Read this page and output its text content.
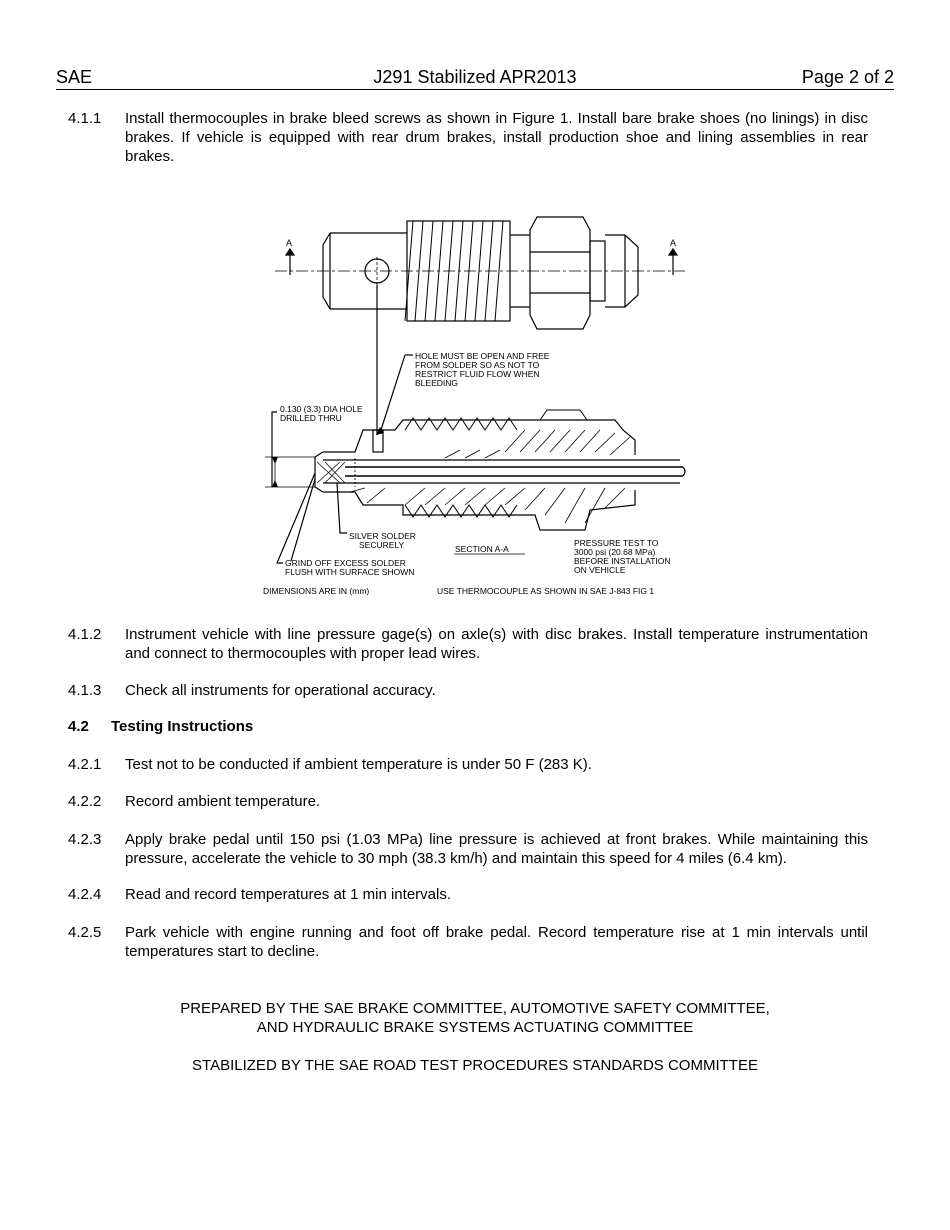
SAE	J291 Stabilized APR2013	Page 2 of 2
4.1.1 Install thermocouples in brake bleed screws as shown in Figure 1. Install bare brake shoes (no linings) in disc brakes. If vehicle is equipped with rear drum brakes, install production shoe and lining assemblies in rear brakes.
HOLE MUST BE OPEN AND FREE
FROM SOLDER SO AS NOT TO
RESTRICT FLUID FLOW WHEN
BLEEDING
0.130 (3.3) DIA HOLE
DRILLED THRU
SILVER SOLDER
SECURELY
GRIND OFF EXCESS SOLDER
FLUSH WITH SURFACE SHOWN
SECTION A-A
PRESSURE TEST TO
3000 psi (20.68 MPa)
BEFORE INSTALLATION
ON VEHICLE
DIMENSIONS ARE IN (mm)	USE THERMOCOUPLE AS SHOWN IN SAE J-843 FIG 1
A	A
4.1.2 Instrument vehicle with line pressure gage(s) on axle(s) with disc brakes. Install temperature instrumentation and connect to thermocouples with proper lead wires.
4.1.3 Check all instruments for operational accuracy.
4.2 Testing Instructions
4.2.1 Test not to be conducted if ambient temperature is under 50 F (283 K).
4.2.2 Record ambient temperature.
4.2.3 Apply brake pedal until 150 psi (1.03 MPa) line pressure is achieved at front brakes. While maintaining this pressure, accelerate the vehicle to 30 mph (38.3 km/h) and maintain this speed for 4 miles (6.4 km).
4.2.4 Read and record temperatures at 1 min intervals.
4.2.5 Park vehicle with engine running and foot off brake pedal. Record temperature rise at 1 min intervals until temperatures start to decline.
PREPARED BY THE SAE BRAKE COMMITTEE, AUTOMOTIVE SAFETY COMMITTEE,
AND HYDRAULIC BRAKE SYSTEMS ACTUATING COMMITTEE
STABILIZED BY THE SAE ROAD TEST PROCEDURES STANDARDS COMMITTEE
